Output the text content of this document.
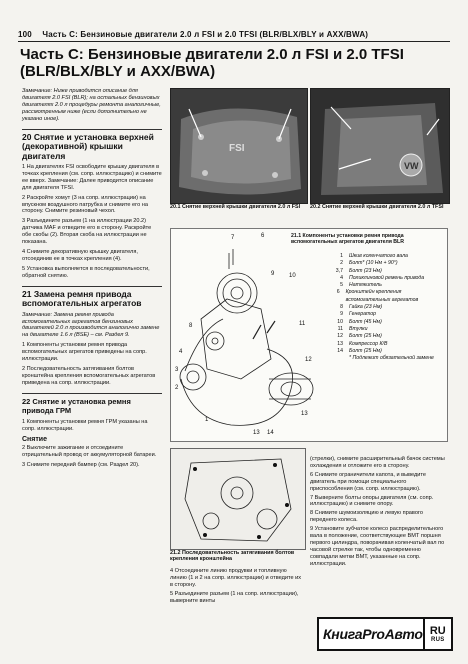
100 Часть С: Бензиновые двигатели 2.0 л FSI и 2.0 TFSI (BLR/BLX/BLY и AXX/BWA)
Часть С: Бензиновые двигатели 2.0 л FSI и 2.0 TFSI (BLR/BLX/BLY и AXX/BWA)

Замечание: Ниже приводится описание для двигателя 2.0 FSI (BLR); на остальных бензиновых двигателях 2.0 л процедуры ремонта аналогичные, рассмотренным ниже (если дополнительно не указано иное).

20 Снятие и установка верхней (декоративной) крышки двигателя

1 На двигателях FSI освободите крышку двигателя в точках крепления (см. сопр. иллюстрацию) и снимите ее вверх. Замечание: Далее приводится описание для двигателя TFSI.

2 Раскройте хомут (3 на сопр. иллюстрации) на впускном воздушного патрубка и снимите его на сторону. Снимите резиновый чехол.

3 Разъедините разъем (1 на иллюстрации 20.2) датчика MAF и отведите его в сторону. Раскройте обе скобы (2). Вторая скоба на иллюстрации не показана.

4 Снимите декоративную крышку двигателя, отсоединив ее в точках крепления (4).

5 Установка выполняется в последовательности, обратной снятию.

21 Замена ремня привода вспомогательных агрегатов

Замечание: Замена ремня привода вспомогательных агрегатов бензиновых двигателей 2.0 л производится аналогично замене на двигателе 1.6 л (BSE) – см. Раздел 9.

1 Компоненты установки ремня привода вспомогательных агрегатов приведены на сопр. иллюстрации.

2 Последовательность затягивания болтов кронштейна крепления вспомогательных агрегатов приведена на сопр. иллюстрации.

22 Снятие и установка ремня привода ГРМ

1 Компоненты установки ремня ГРМ указаны на сопр. иллюстрации.

Снятие

2 Выключите зажигание и отсоедините отрицательный провод от аккумуляторной батареи.

3 Снимите передний бампер (см. Раздел 20).

FSI
20.1 Снятие верхней крышки двигателя 2.0 л FSI
VW
20.2 Снятие верхней крышки двигателя 2.0 л TFSI
21.1 Компоненты установки ремня привода вспомогательных агрегатов двигателя BLR
7	6
8
4
3
2
1
9 10
11
12
13
14
13
1 Шкив коленчатого вала
2 Болт* (10 Нм + 90°)
3,7 Болт (23 Нм)
4 Поликлиновой ремень привода
5 Натяжитель
6 Кронштейн крепления вспомогательных агрегатов
8 Гайка (23 Нм)
9 Генератор
10 Болт (45 Нм)
11 Втулки
12 Болт (25 Нм)
13 Компрессор К/В
14 Болт (25 Нм)
* Подлежит обязательной замене
21.2 Последовательность затягивания болтов крепления кронштейна

4 Отсоедините линию продувки и топливную линию (1 и 2 на сопр. иллюстрации) и отведите их в сторону.

5 Разъедините разъем (1 на сопр. иллюстрации), выверните винты

(стрелки), снимите расширительный бачок системы охлаждения и отложите его в сторону.

6 Снимите ограничители капота, и выведите двигатель при помощи специального приспособления (см. сопр. иллюстрацию).

7 Выверните болты опоры двигателя (см. сопр. иллюстрацию) и снимите опору.

8 Снимите шумоизоляцию и левую правого переднего колеса.

9 Установите зубчатое колесо распределительного вала в положение, соответствующее ВМТ поршня первого цилиндра, поворачивая коленчатый вал по часовой стрелке так, чтобы одновременно совпадали метки ВМТ, указанные на сопр. иллюстрации.

КнигаProАвто RU
RUS
